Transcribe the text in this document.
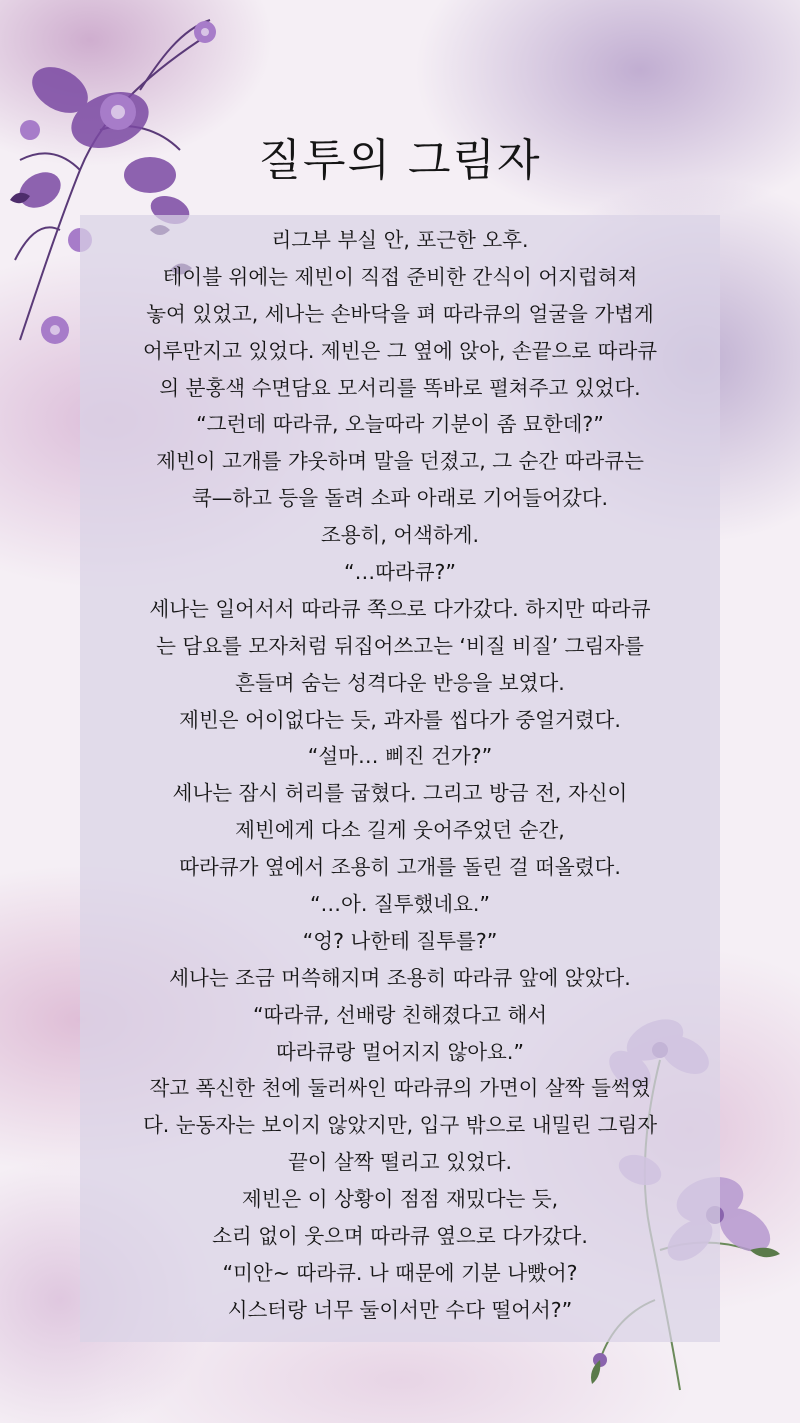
질투의 그림자
리그부 부실 안, 포근한 오후.
테이블 위에는 제빈이 직접 준비한 간식이 어지럽혀져
놓여 있었고, 세나는 손바닥을 펴 따라큐의 얼굴을 가볍게
어루만지고 있었다. 제빈은 그 옆에 앉아, 손끝으로 따라큐
의 분홍색 수면담요 모서리를 똑바로 펼쳐주고 있었다.
“그런데 따라큐, 오늘따라 기분이 좀 묘한데?”
제빈이 고개를 갸웃하며 말을 던졌고, 그 순간 따라큐는
쿡—하고 등을 돌려 소파 아래로 기어들어갔다.
조용히, 어색하게.
“…따라큐?”
세나는 일어서서 따라큐 쪽으로 다가갔다. 하지만 따라큐
는 담요를 모자처럼 뒤집어쓰고는 ‘비질 비질’ 그림자를
흔들며 숨는 성격다운 반응을 보였다.
제빈은 어이없다는 듯, 과자를 씹다가 중얼거렸다.
“설마… 삐진 건가?”
세나는 잠시 허리를 굽혔다. 그리고 방금 전, 자신이
제빈에게 다소 길게 웃어주었던 순간,
따라큐가 옆에서 조용히 고개를 돌린 걸 떠올렸다.
“…아. 질투했네요.”
“엉? 나한테 질투를?”
세나는 조금 머쓱해지며 조용히 따라큐 앞에 앉았다.
“따라큐, 선배랑 친해졌다고 해서
따라큐랑 멀어지지 않아요.”
작고 폭신한 천에 둘러싸인 따라큐의 가면이 살짝 들썩였
다. 눈동자는 보이지 않았지만, 입구 밖으로 내밀린 그림자
끝이 살짝 떨리고 있었다.
제빈은 이 상황이 점점 재밌다는 듯,
소리 없이 웃으며 따라큐 옆으로 다가갔다.
“미안~ 따라큐. 나 때문에 기분 나빴어?
시스터랑 너무 둘이서만 수다 떨어서?”
